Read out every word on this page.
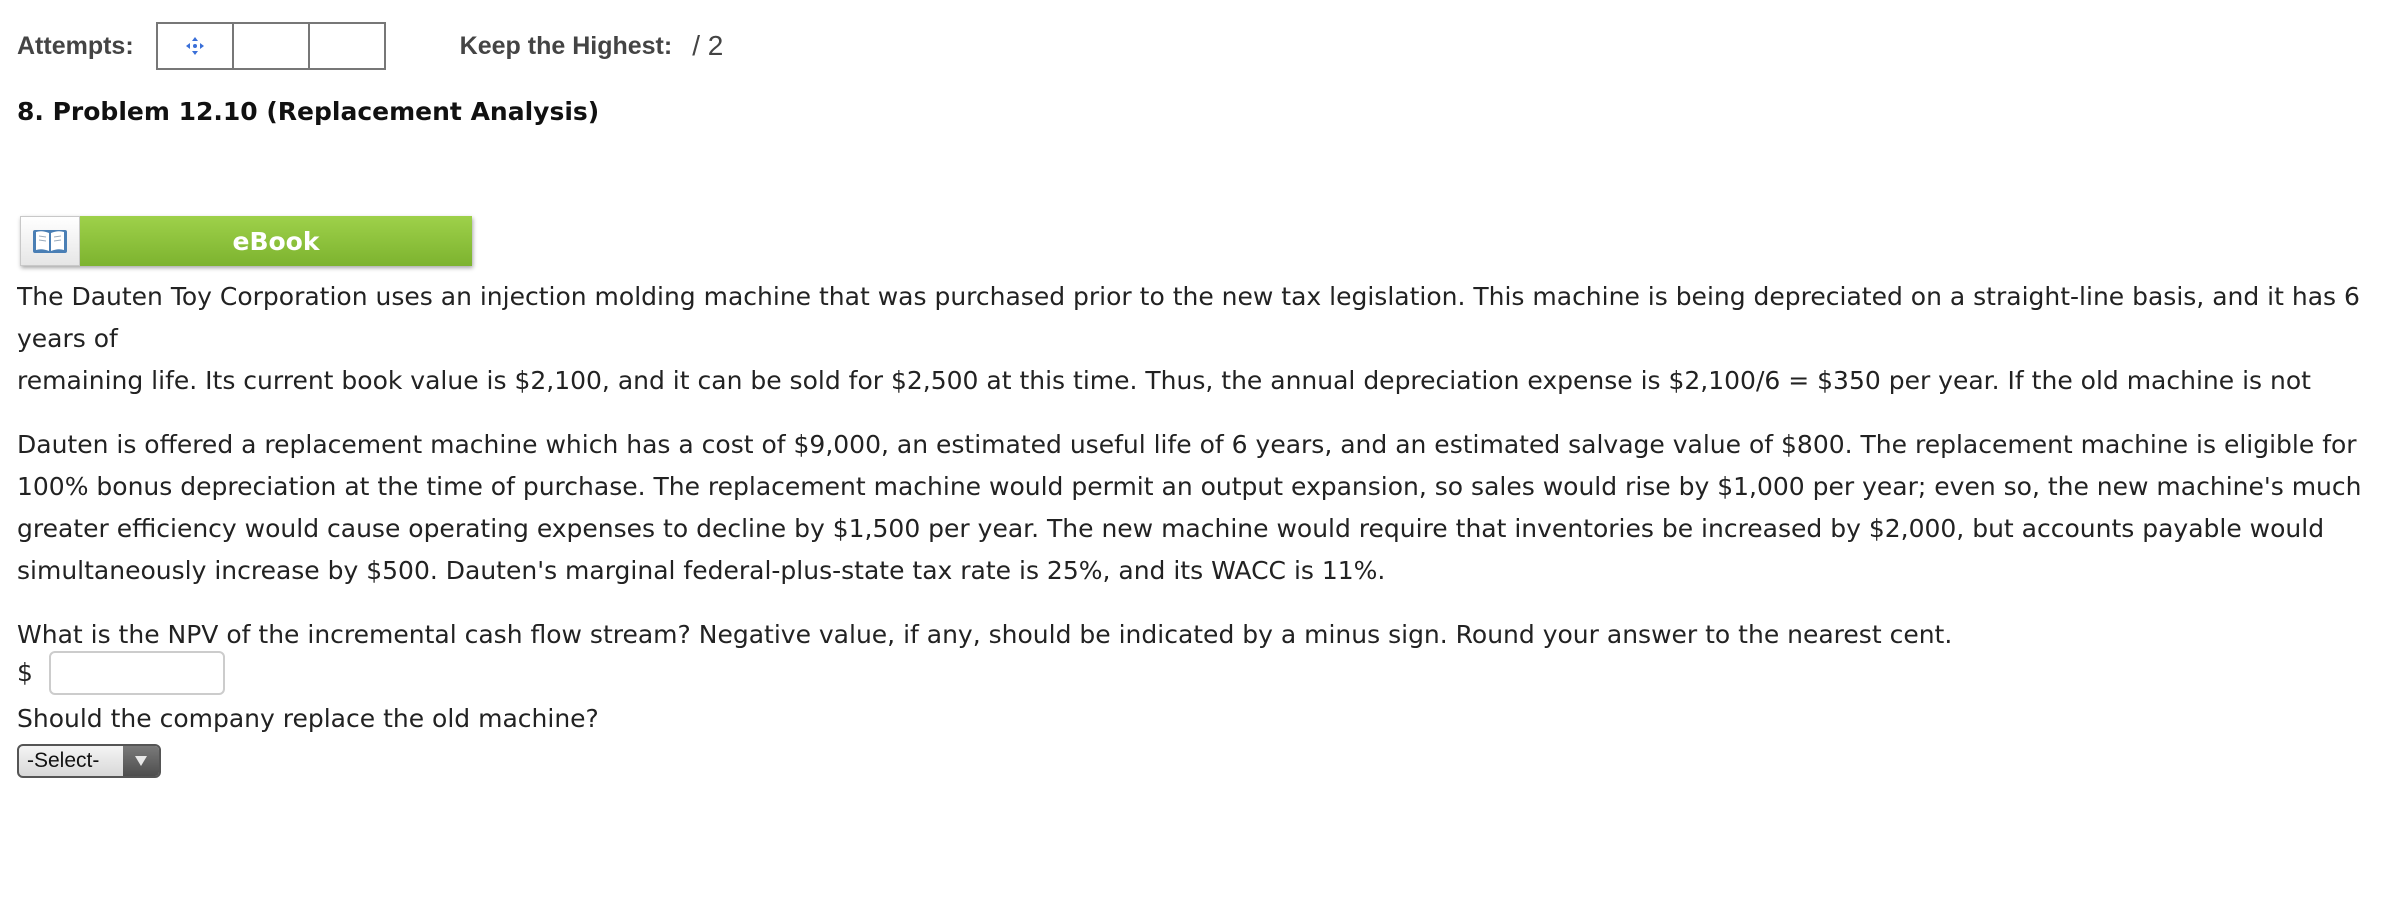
Attempts:	Keep the Highest: / 2
8. Problem 12.10 (Replacement Analysis)
eBook

The Dauten Toy Corporation uses an injection molding machine that was purchased prior to the new tax legislation. This machine is being depreciated on a straight-line basis, and it has 6 years of
remaining life. Its current book value is $2,100, and it can be sold for $2,500 at this time. Thus, the annual depreciation expense is $2,100/6 = $350 per year. If the old machine is not

Dauten is offered a replacement machine which has a cost of $9,000, an estimated useful life of 6 years, and an estimated salvage value of $800. The replacement machine is eligible for 100% bonus depreciation at the time of purchase. The replacement machine would permit an output expansion, so sales would rise by $1,000 per year; even so, the new machine's much greater efficiency would cause operating expenses to decline by $1,500 per year. The new machine would require that inventories be increased by $2,000, but accounts payable would simultaneously increase by $500. Dauten's marginal federal-plus-state tax rate is 25%, and its WACC is 11%.

What is the NPV of the incremental cash flow stream? Negative value, if any, should be indicated by a minus sign. Round your answer to the nearest cent.

$

Should the company replace the old machine?

-Select-
